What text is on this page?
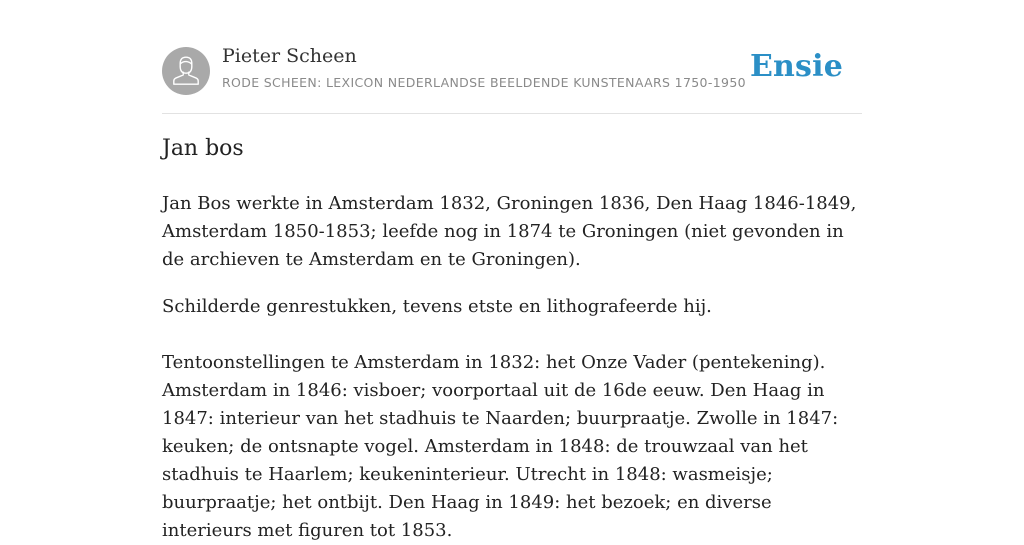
Pieter Scheen
RODE SCHEEN: LEXICON NEDERLANDSE BEELDENDE KUNSTENAARS 1750-1950 Ensie
Jan bos

Jan Bos werkte in Amsterdam 1832, Groningen 1836, Den Haag 1846-1849, Amsterdam 1850-1853; leefde nog in 1874 te Groningen (niet gevonden in de archieven te Amsterdam en te Groningen).

Schilderde genrestukken, tevens etste en lithografeerde hij.

Tentoonstellingen te Amsterdam in 1832: het Onze Vader (pentekening). Amsterdam in 1846: visboer; voorportaal uit de 16de eeuw. Den Haag in 1847: interieur van het stadhuis te Naarden; buurpraatje. Zwolle in 1847: keuken; de ontsnapte vogel. Amsterdam in 1848: de trouwzaal van het stadhuis te Haarlem; keukeninterieur. Utrecht in 1848: wasmeisje; buurpraatje; het ontbijt. Den Haag in 1849: het bezoek; en diverse interieurs met figuren tot 1853.
